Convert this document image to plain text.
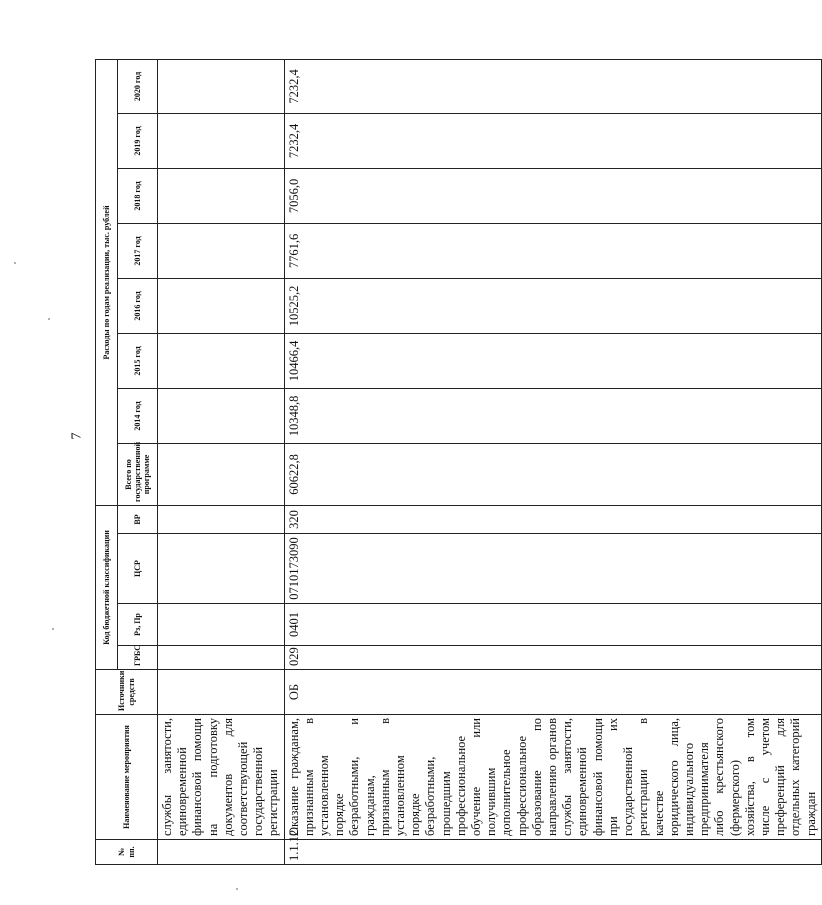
7
№ пп.	Наименование мероприятия	Источники средств	Код бюджетной классификации				Расходы по годам реализации, тыс. рублей							
			ГРБС	Рз, Пр	ЦСР	ВР	Всего по государственной программе	2014 год	2015 год	2016 год	2017 год	2018 год	2019 год	2020 год
	службы занятости, единовременной финансовой помощи на подготовку документов для соответствующей государственной регистрации													
1.1.12.	Оказание гражданам, признанным в установленном порядке безработными, и гражданам, признанным в установленном порядке безработными, прошедшим профессиональное обучение или получившим дополнительное профессиональное образование по направлению органов службы занятости, единовременной финансовой помощи при их государственной регистрации в качестве юридического лица, индивидуального предпринимателя либо крестьянского (фермерского) хозяйства, в том числе с учетом преференций для отдельных категорий граждан	ОБ	029	0401	0710173090	320	60622,8	10348,8	10466,4	10525,2	7761,6	7056,0	7232,4	7232,4
